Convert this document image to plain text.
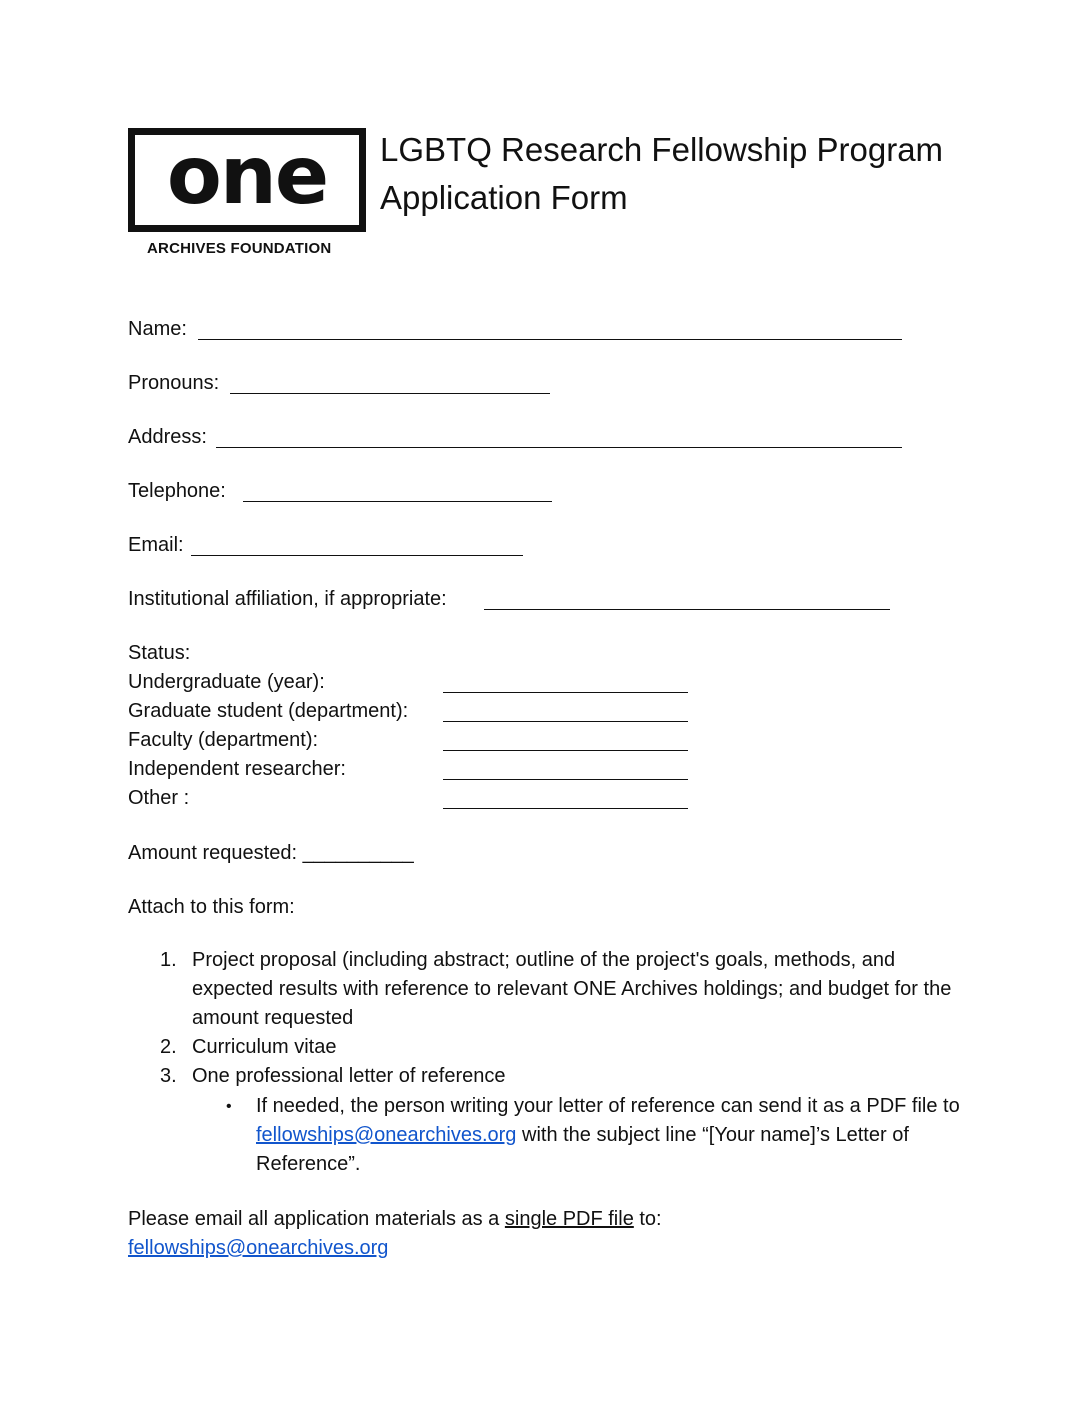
one
ARCHIVES FOUNDATION
LGBTQ Research Fellowship Program
Application Form
Name:
Pronouns:
Address:
Telephone:
Email:
Institutional affiliation, if appropriate:
Status:
Undergraduate (year):
Graduate student (department):
Faculty (department):
Independent researcher:
Other :
Amount requested: __________
Attach to this form:
1. Project proposal (including abstract; outline of the project's goals, methods, and expected results with reference to relevant ONE Archives holdings; and budget for the amount requested
2. Curriculum vitae
3. One professional letter of reference
• If needed, the person writing your letter of reference can send it as a PDF file to fellowships@onearchives.org with the subject line “[Your name]’s Letter of Reference”.
Please email all application materials as a single PDF file to:
fellowships@onearchives.org
